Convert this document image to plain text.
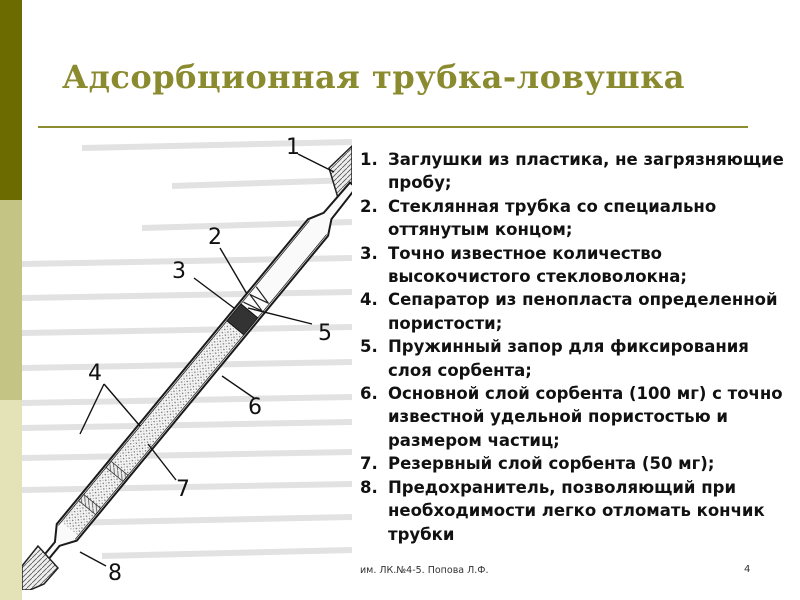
Адсорбционная трубка-ловушка
1
2
3
4
5
6
7
8
1. Заглушки из пластика, не загрязняющие пробу;
2. Стеклянная трубка со специально оттянутым концом;
3. Точно известное количество высокочистого стекловолокна;
4. Сепаратор из пенопласта определенной пористости;
5. Пружинный запор для фиксирования слоя сорбента;
6. Основной слой сорбента (100 мг) с точно известной удельной пористостью и размером частиц;
7. Резервный слой сорбента (50 мг);
8. Предохранитель, позволяющий при необходимости легко отломать кончик трубки
им. ЛК.№4-5. Попова Л.Ф.	4
